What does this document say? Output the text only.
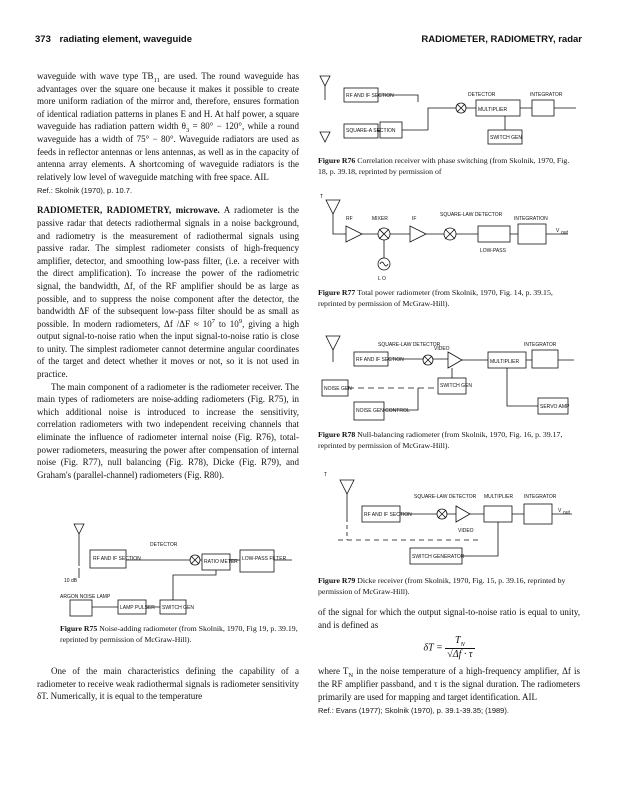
373 radiating element, waveguide	RADIOMETER, RADIOMETRY, radar

waveguide with wave type $TB_{11}$ are used. The round waveguide has advantages over the square one because it makes it possible to create more uniform radiation of the mirror and, therefore, ensures formation of identical radiation patterns in planes E and H. At half power, a square waveguide has radiation pattern width $\theta_3 = 80^\circ - 120^\circ$, while a round waveguide has a width of 75° − 80°. Waveguide radiators are used as feeds in reflector antennas or lens antennas, as well as in the capacity of antenna array elements. A shortcoming of waveguide radiators is the relatively low level of waveguide matching with free space. AIL

Ref.: Skolnik (1970), p. 10.7.

RADIOMETER, RADIOMETRY, microwave. A radiometer is the passive radar that detects radiothermal signals in a noise background, and radiometry is the measurement of radiothermal signals using passive radar. The simplest radiometer consists of high-frequency amplifier, detector, and smoothing low-pass filter, (i.e. a receiver with the direct amplification). To increase the power of the radiometric signal, the bandwidth, Δf, of the RF amplifier should be as large as possible, and to suppress the noise component after the detector, the bandwidth ΔF of the subsequent low-pass filter should be as small as possible. In modern radiometers, Δf $/\Delta F \approx 10^7$ to $10^9$, giving a high output signal-to-noise ratio when the input signal-to-noise ratio is close to unity. The simplest radiometer cannot determine angular coordinates of the target and detect whether it moves or not, so it is not used in practice.

The main component of a radiometer is the radiometer receiver. The main types of radiometers are noise-adding radiometers (Fig. R75), in which additional noise is introduced to increase the sensitivity, correlation radiometers with two independent receiving channels that eliminate the influence of radiometer internal noise (Fig. R76), total-power radiometers, measuring the power after compensation of internal noise (Fig. R77), null balancing (Fig. R78), Dicke (Fig. R79), and Graham's (parallel-channel) radiometers (Fig. R80).

DETECTOR
RF AND IF SECTION	RATIO METER LOW-PASS FILTER
10 dB
ARGON NOISE LAMP
LAMP PULSER SWITCH GEN
Figure R75 Noise-adding radiometer (from Skolnik, 1970, Fig 19, p. 39.19, reprinted by permission of McGraw-Hill).

One of the main characteristics defining the capability of a radiometer to receive weak radiothermal signals is radiometer sensitivity δT. Numerically, it is equal to the temperature

RF AND IF SECTION	DETECTOR	INTEGRATOR
MULTIPLIER
SQUARE-A SECTION
SWITCH GEN
Figure R76 Correlation receiver with phase switching (from Skolnik, 1970, Fig. 18, p. 39.18, reprinted by permission of
T
RF	MIXER	IF
SQUARE-LAW DETECTOR
INTEGRATION
LOW-PASS
V out
L O
Figure R77 Total power radiometer (from Skolnik, 1970, Fig. 14, p. 39.15, reprinted by permission of McGraw-Hill).
SQUARE-LAW DETECTOR
VIDEO
INTEGRATOR
RF AND IF SECTION	MULTIPLIER
NOISE GEN	SWITCH GEN
NOISE GEN CONTROL
SERVO AMP
Figure R78 Null-balancing radiometer (from Skolnik, 1970, Fig. 16, p. 39.17, reprinted by permission of McGraw-Hill).
T
SQUARE-LAW DETECTOR MULTIPLIER INTEGRATOR
RF AND IF SECTION
VIDEO
SWITCH GENERATOR
V out
Figure R79 Dicke receiver (from Skolnik, 1970, Fig. 15, p. 39.16, reprinted by permission of McGraw-Hill).

of the signal for which the output signal-to-noise ratio is equal to unity, and is defined as

$\delta T = \frac{T_N}{√\Delta f \cdot \tau}$

where $T_N$ in the noise temperature of a high-frequency amplifier, Δf is the RF amplifier passband, and τ is the signal duration. The radiometers primarily are used for mapping and target identification. AIL

Ref.: Evans (1977); Skolnik (1970), p. 39.1-39.35; (1989).
